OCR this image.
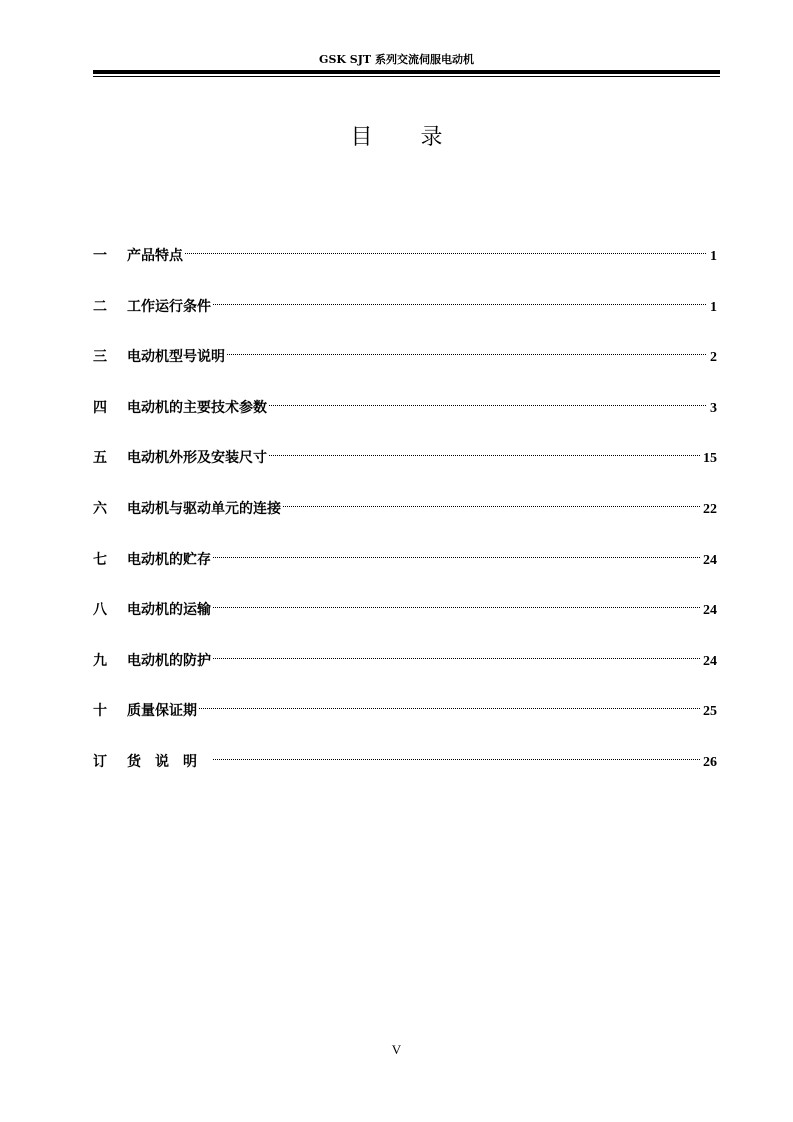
GSK SJT 系列交流伺服电动机
目录
一	产品特点	1
二	工作运行条件	1
三	电动机型号说明	2
四	电动机的主要技术参数	3
五	电动机外形及安装尺寸	15
六	电动机与驱动单元的连接	22
七	电动机的贮存	24
八	电动机的运输	24
九	电动机的防护	24
十	质量保证期	25
订	货说明	26
V
